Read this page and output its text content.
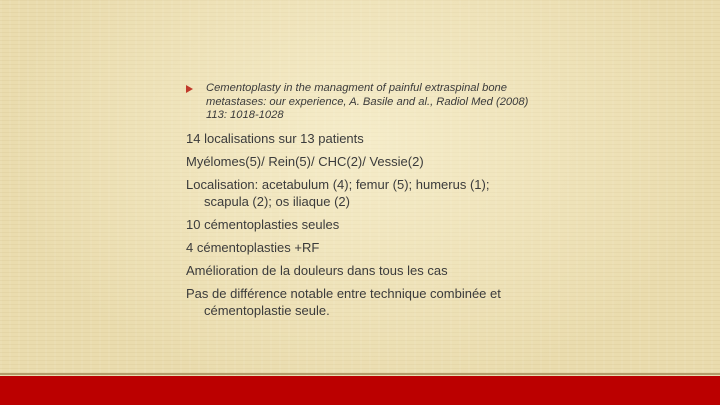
Cementoplasty in the managment of painful extraspinal bone metastases: our experience, A. Basile and al., Radiol Med (2008) 113: 1018-1028
14 localisations sur 13 patients
Myélomes(5)/ Rein(5)/ CHC(2)/ Vessie(2)
Localisation: acetabulum (4); femur (5); humerus (1); scapula (2); os iliaque (2)
10 cémentoplasties seules
4 cémentoplasties +RF
Amélioration de la douleurs dans tous les cas
Pas de différence notable entre technique combinée et cémentoplastie seule.
